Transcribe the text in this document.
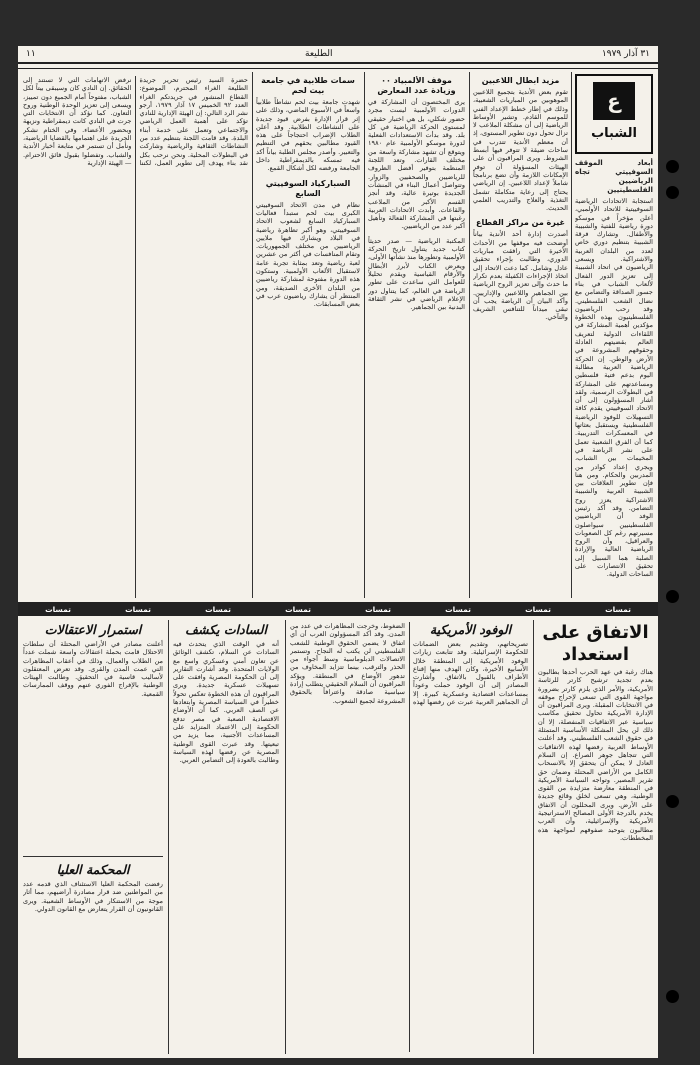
٣١ آذار ١٩٧٩
الطليعة
١١
ع
الشباب
أبعاد الموقف السوفييتي تجاه الرياضيين الفلسطينيين
استجابة الاتحادات الرياضية السوفييتية للاتحاد الأولمبي، أعلن مؤخراً في موسكو دورة رياضية للفتية والشبيبة والأطفال. وتشارك فرقة الشبيبة بتنظيم دوري خاص لعدد من البلدان العربية والاشتراكية. ويسعى الرياضيون في اتحاد الشبيبة إلى تعزيز الدور الفعال لألعاب الشباب في بناء جسور الصداقة والتضامن مع نضال الشعب الفلسطيني. وقد رحب الرياضيون الفلسطينيون بهذه الخطوة مؤكدين أهمية المشاركة في اللقاءات الدولية لتعريف العالم بقضيتهم العادلة وحقوقهم المشروعة في الأرض والوطن. إن الحركة الرياضية العربية مطالبة اليوم بدعم فتية فلسطين ومساعدتهم على المشاركة في البطولات الرسمية، ولقد أشار المسؤولون إلى أن الاتحاد السوفييتي يقدم كافة التسهيلات للوفود الرياضية الفلسطينية ويستقبل بعثاتها في المعسكرات التدريبية. كما أن الفرق الشعبية تعمل على نشر الرياضة في المخيمات بين الشباب، ويجري إعداد كوادر من المدربين والحكام. ومن هنا فإن تطوير العلاقات بين الشبيبة العربية والشبيبة الاشتراكية يعزز روح التضامن. وقد أكد رئيس الوفد أن الرياضيين الفلسطينيين سيواصلون مسيرتهم رغم كل الصعوبات والعراقيل، وأن الروح الرياضية العالية والإرادة الصلبة هما السبيل إلى تحقيق الانتصارات على الساحات الدولية.
مزيد ابطال اللاعبين
تقوم بعض الأندية بتجميع اللاعبين الموهوبين من المباريات الشعبية، وذلك في إطار خطط الإعداد الفني للموسم القادم. وتشير الأوساط الرياضية إلى أن مشكلة الملاعب لا تزال تحول دون تطوير المستوى، إذ أن معظم الأندية تتدرب في ساحات ضيقة لا تتوفر فيها أبسط الشروط. ويرى المراقبون أن على الهيئات المسؤولة أن توفر الإمكانات اللازمة وأن تضع برنامجاً شاملاً لإعداد اللاعبين. إن الرياضي يحتاج إلى رعاية متكاملة تشمل التغذية والعلاج والتدريب العلمي الحديث.
غيرة من مراكز القطاع
أصدرت إدارة أحد الأندية بياناً أوضحت فيه موقفها من الأحداث الأخيرة التي رافقت مباريات الدوري، وطالبت بإجراء تحقيق عادل وشامل. كما دعت الاتحاد إلى اتخاذ الإجراءات الكفيلة بعدم تكرار ما حدث وإلى تعزيز الروح الرياضية بين الجماهير واللاعبين والإداريين. وأكد البيان أن الرياضة يجب أن تبقى ميداناً للتنافس الشريف والتآخي.
موقف الألمبياد ٠٠ وزيادة عدد المعارض
يرى المختصون أن المشاركة في الدورات الأولمبية ليست مجرد حضور شكلي، بل هي اختبار حقيقي لمستوى الحركة الرياضية في كل بلد. وقد بدأت الاستعدادات الفعلية لدورة موسكو الأولمبية عام ١٩٨٠ ويتوقع أن تشهد مشاركة واسعة من مختلف القارات. وتعد اللجنة المنظمة بتوفير أفضل الظروف للرياضيين والصحفيين والزوار. وتتواصل أعمال البناء في المنشآت الجديدة بوتيرة عالية، وقد أنجز القسم الأكبر من الملاعب والقاعات. وأبدت الاتحادات العربية رغبتها في المشاركة الفعالة وتأهيل أكبر عدد من الرياضيين.
المكتبة الرياضية — صدر حديثاً كتاب جديد يتناول تاريخ الحركة الأولمبية وتطورها منذ نشأتها الأولى، ويعرض الكتاب لأبرز الأبطال والأرقام القياسية ويقدم تحليلاً للعوامل التي ساعدت على تطور الرياضة في العالم، كما يتناول دور الإعلام الرياضي في نشر الثقافة البدنية بين الجماهير.
سمات طلابية في جامعة بيت لحم
شهدت جامعة بيت لحم نشاطاً طلابياً واسعاً في الأسبوع الماضي، وذلك على إثر قرار الإدارة بفرض قيود جديدة على النشاطات الطلابية. وقد أعلن الطلاب الإضراب احتجاجاً على هذه القيود مطالبين بحقهم في التنظيم والتعبير. وأصدر مجلس الطلبة بياناً أكد فيه تمسكه بالديمقراطية داخل الجامعة ورفضه لكل أشكال القمع.
السباركياد السوفييتي السابع
نظام في مدن الاتحاد السوفييتي الكبرى بيت لحم ستبدأ فعاليات السباركياد السابع لشعوب الاتحاد السوفييتي، وهو أكبر تظاهرة رياضية في البلاد ويشارك فيها ملايين الرياضيين من مختلف الجمهوريات. وتقام المنافسات في أكثر من عشرين لعبة رياضية وتعد بمثابة تجربة عامة لاستقبال الألعاب الأولمبية. وستكون هذه الدورة مفتوحة لمشاركة رياضيين من البلدان الأخرى الصديقة، ومن المنتظر أن يشارك رياضيون عرب في بعض المسابقات.
حضرة السيد رئيس تحرير جريدة الطليعة الغراء المحترم، الموضوع: القطاع المنشور في جريدتكم الغراء العدد ٩٢ الخميس ١٧ آذار ١٩٧٩، أرجو نشر الرد التالي: إن الهيئة الإدارية للنادي تؤكد على أهمية العمل الرياضي والاجتماعي وتعمل على خدمة أبناء البلدة. وقد قامت اللجنة بتنظيم عدد من النشاطات الثقافية والرياضية وشاركت في البطولات المحلية. ونحن نرحب بكل نقد بناء يهدف إلى تطوير العمل، لكننا نرفض الاتهامات التي لا تستند إلى الحقائق. إن النادي كان وسيبقى بيتاً لكل الشباب، مفتوحاً أمام الجميع دون تمييز، ويسعى إلى تعزيز الوحدة الوطنية وروح التعاون. كما نؤكد أن الانتخابات التي جرت في النادي كانت ديمقراطية ونزيهة وبحضور الأعضاء. وفي الختام نشكر الجريدة على اهتمامها بالقضايا الرياضية، ونأمل أن تستمر في متابعة أخبار الأندية والشباب. وتفضلوا بقبول فائق الاحترام. — الهيئة الإدارية
تمسات
تمسات
تمسات
تمسات
تمسات
تمسات
تمسات
تمسات
الاتفاق على استعداد
هناك رغبة في عهد الحرب أحدها بطالبون بعدم تجديد ترشيح كارتر للرئاسة الأمريكية، والأمر الذي يلزم كارتر بضرورة مواجهة القوى التي تسعى لإحراج موقفه في الانتخابات المقبلة. ويرى المراقبون أن الإدارة الأمريكية تحاول تحقيق مكاسب سياسية عبر الاتفاقيات المنفصلة، إلا أن ذلك لن يحل المشكلة الأساسية المتمثلة في حقوق الشعب الفلسطيني. وقد أعلنت الأوساط العربية رفضها لهذه الاتفاقيات التي تتجاهل جوهر الصراع. إن السلام العادل لا يمكن أن يتحقق إلا بالانسحاب الكامل من الأراضي المحتلة وضمان حق تقرير المصير. وتواجه السياسة الأمريكية في المنطقة معارضة متزايدة من القوى الوطنية، وهي تسعى لخلق وقائع جديدة على الأرض. ويرى المحللون أن الاتفاق يخدم بالدرجة الأولى المصالح الاستراتيجية الأمريكية والإسرائيلية، وأن العرب مطالبون بتوحيد صفوفهم لمواجهة هذه المخططات.
الوفود الأمريكية
تصريحاتهم، وتقديم بعض الضمانات للحكومة الإسرائيلية. وقد تتابعت زيارات الوفود الأمريكية إلى المنطقة خلال الأسابيع الأخيرة، وكان الهدف منها إقناع الأطراف بالقبول بالاتفاق. وأشارت المصادر إلى أن الوفود حملت وعوداً بمساعدات اقتصادية وعسكرية كبيرة. إلا أن الجماهير العربية عبرت عن رفضها لهذه الضغوط، وخرجت المظاهرات في عدد من المدن. وقد أكد المسؤولون العرب أن أي اتفاق لا يضمن الحقوق الوطنية للشعب الفلسطيني لن يكتب له النجاح. وتستمر الاتصالات الدبلوماسية وسط أجواء من الحذر والترقب، بينما تتزايد المخاوف من تدهور الأوضاع في المنطقة. ويؤكد المراقبون أن السلام الحقيقي يتطلب إرادة سياسية صادقة واعترافاً بالحقوق المشروعة لجميع الشعوب.
السادات يكشف
أنه في الوقت الذي يتحدث فيه السادات عن السلام، تكشف الوثائق عن تعاون أمني وعسكري واسع مع الولايات المتحدة. وقد أشارت التقارير إلى أن الحكومة المصرية وافقت على تسهيلات عسكرية جديدة. ويرى المراقبون أن هذه الخطوة تعكس تحولاً خطيراً في السياسة المصرية وابتعادها عن الصف العربي. كما أن الأوضاع الاقتصادية الصعبة في مصر تدفع الحكومة إلى الاعتماد المتزايد على المساعدات الأجنبية، مما يزيد من تبعيتها. وقد عبرت القوى الوطنية المصرية عن رفضها لهذه السياسة وطالبت بالعودة إلى التضامن العربي.
استمرار الاعتقالات
أعلنت مصادر في الأراضي المحتلة أن سلطات الاحتلال قامت بحملة اعتقالات واسعة شملت عدداً من الطلاب والعمال، وذلك في أعقاب المظاهرات التي عمت المدن والقرى. وقد تعرض المعتقلون لأساليب قاسية في التحقيق. وطالبت الهيئات الوطنية بالإفراج الفوري عنهم ووقف الممارسات القمعية.
المحكمة العليا
رفضت المحكمة العليا الاستئناف الذي قدمه عدد من المواطنين ضد قرار مصادرة أراضيهم، مما أثار موجة من الاستنكار في الأوساط الشعبية. ويرى القانونيون أن القرار يتعارض مع القانون الدولي.
